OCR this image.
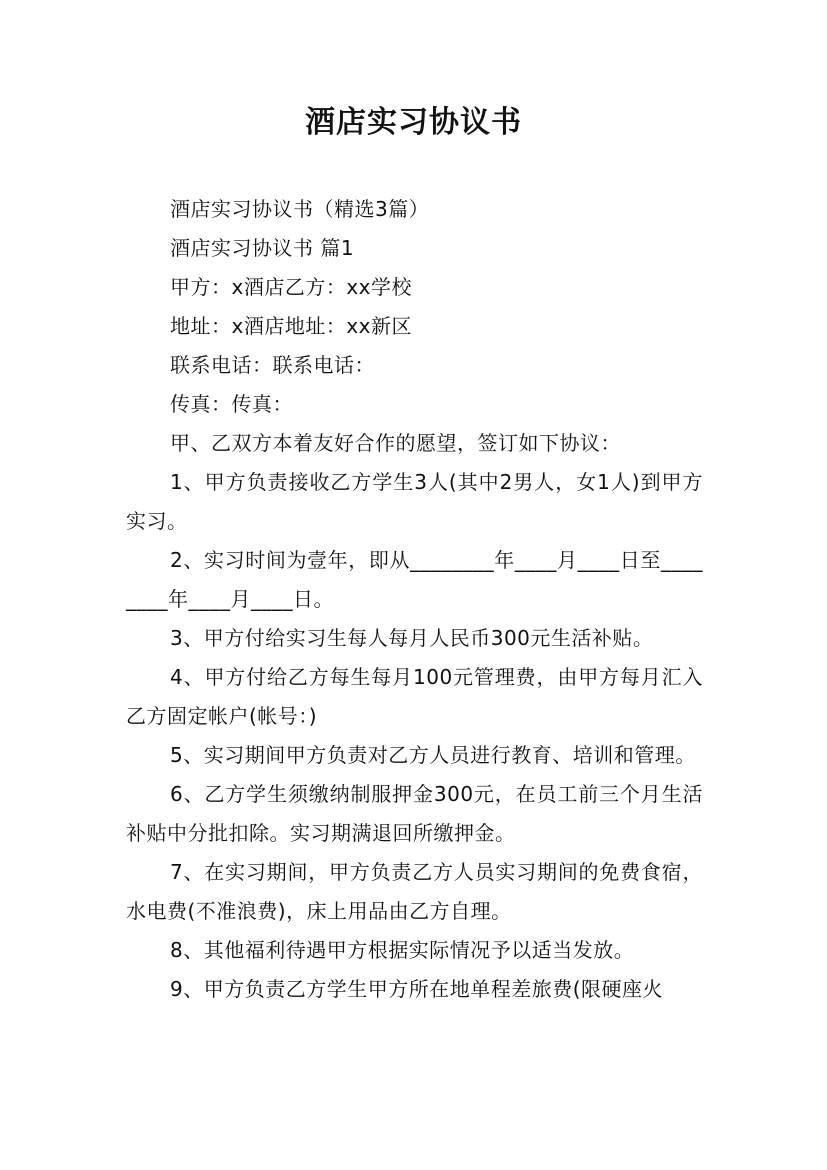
酒店实习协议书
酒店实习协议书（精选3篇）
酒店实习协议书 篇1
甲方：x酒店乙方：xx学校
地址：x酒店地址：xx新区
联系电话：联系电话：
传真：传真：
甲、乙双方本着友好合作的愿望，签订如下协议：

1、甲方负责接收乙方学生3人(其中2男人，女1人)到甲方实习。

2、实习时间为壹年，即从________年____月____日至________年____月____日。

3、甲方付给实习生每人每月人民币300元生活补贴。

4、甲方付给乙方每生每月100元管理费，由甲方每月汇入乙方固定帐户(帐号：)

5、实习期间甲方负责对乙方人员进行教育、培训和管理。

6、乙方学生须缴纳制服押金300元，在员工前三个月生活补贴中分批扣除。实习期满退回所缴押金。

7、在实习期间，甲方负责乙方人员实习期间的免费食宿，水电费(不准浪费)，床上用品由乙方自理。

8、其他福利待遇甲方根据实际情况予以适当发放。

9、甲方负责乙方学生甲方所在地单程差旅费(限硬座火
